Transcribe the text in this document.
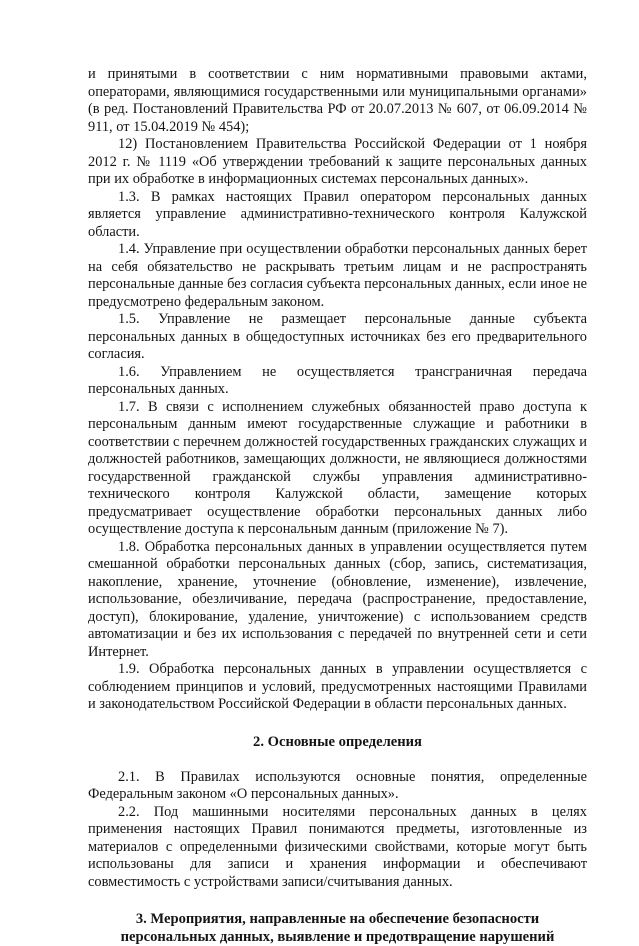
и принятыми в соответствии с ним нормативными правовыми актами, операторами, являющимися государственными или муниципальными органами» (в ред. Постановлений Правительства РФ от 20.07.2013 № 607, от 06.09.2014 № 911, от 15.04.2019 № 454);

12) Постановлением Правительства Российской Федерации от 1 ноября 2012 г. № 1119 «Об утверждении требований к защите персональных данных при их обработке в информационных системах персональных данных».

1.3. В рамках настоящих Правил оператором персональных данных является управление административно-технического контроля Калужской области.

1.4. Управление при осуществлении обработки персональных данных берет на себя обязательство не раскрывать третьим лицам и не распространять персональные данные без согласия субъекта персональных данных, если иное не предусмотрено федеральным законом.

1.5. Управление не размещает персональные данные субъекта персональных данных в общедоступных источниках без его предварительного согласия.

1.6. Управлением не осуществляется трансграничная передача персональных данных.

1.7. В связи с исполнением служебных обязанностей право доступа к персональным данным имеют государственные служащие и работники в соответствии с перечнем должностей государственных гражданских служащих и должностей работников, замещающих должности, не являющиеся должностями государственной гражданской службы управления административно-технического контроля Калужской области, замещение которых предусматривает осуществление обработки персональных данных либо осуществление доступа к персональным данным (приложение № 7).

1.8. Обработка персональных данных в управлении осуществляется путем смешанной обработки персональных данных (сбор, запись, систематизация, накопление, хранение, уточнение (обновление, изменение), извлечение, использование, обезличивание, передача (распространение, предоставление, доступ), блокирование, удаление, уничтожение) с использованием средств автоматизации и без их использования с передачей по внутренней сети и сети Интернет.

1.9. Обработка персональных данных в управлении осуществляется с соблюдением принципов и условий, предусмотренных настоящими Правилами и законодательством Российской Федерации в области персональных данных.

2. Основные определения

2.1. В Правилах используются основные понятия, определенные Федеральным законом «О персональных данных».

2.2. Под машинными носителями персональных данных в целях применения настоящих Правил понимаются предметы, изготовленные из материалов с определенными физическими свойствами, которые могут быть использованы для записи и хранения информации и обеспечивают совместимость с устройствами записи/считывания данных.

3. Мероприятия, направленные на обеспечение безопасности
персональных данных, выявление и предотвращение нарушений
